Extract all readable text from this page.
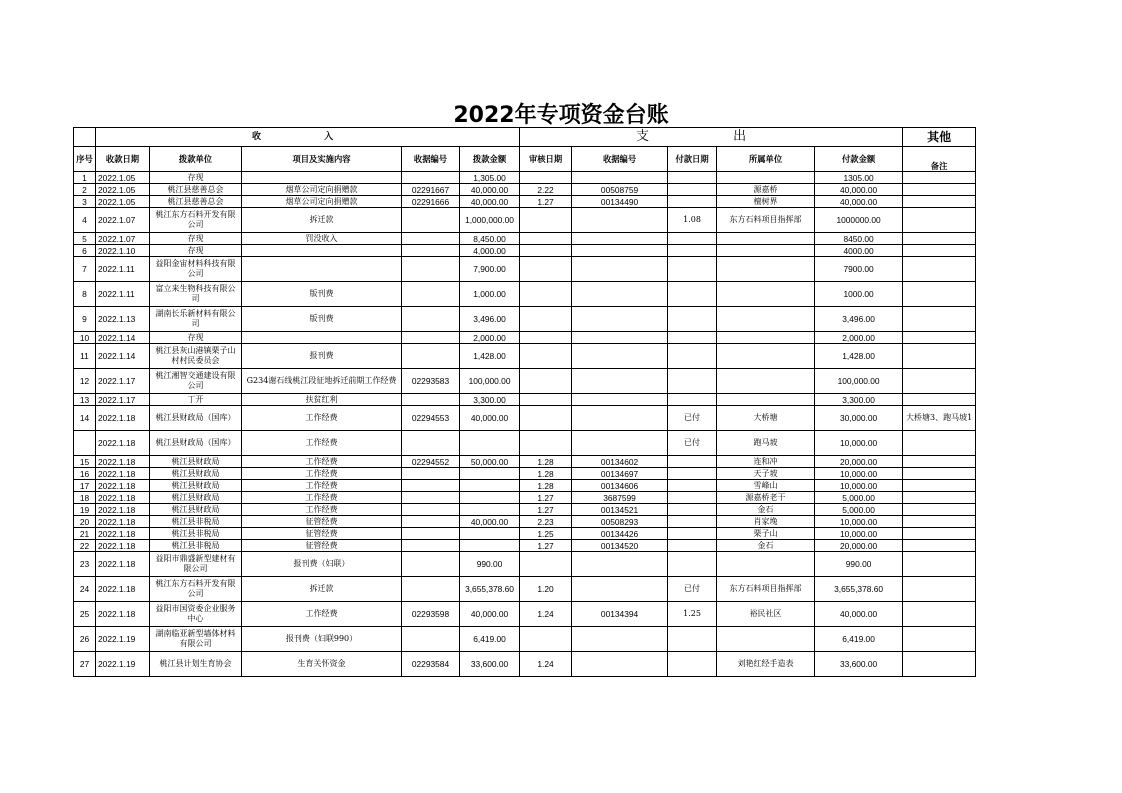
2022年专项资金台账
	收 入					支 出					其他
序号	收款日期	拨款单位	项目及实施内容	收据编号	拨款金额	审核日期	收据编号	付款日期	所属单位	付款金额	备注
1	2022.1.05	存现			1,305.00					1305.00	
2	2022.1.05	桃江县慈善总会	烟草公司定向捐赠款	02291667	40,000.00	2.22	00508759		源嘉桥	40,000.00	
3	2022.1.05	桃江县慈善总会	烟草公司定向捐赠款	02291666	40,000.00	1.27	00134490		檀树界	40,000.00	
4	2022.1.07	桃江东方石料开发有限公司	拆迁款		1,000,000.00			1.08	东方石料项目指挥部	1000000.00	
5	2022.1.07	存现	罚没收入		8,450.00					8450.00	
6	2022.1.10	存现			4,000.00					4000.00	
7	2022.1.11	益阳金宙材料科技有限公司			7,900.00					7900.00	
8	2022.1.11	富立来生物科技有限公司	版刊费		1,000.00					1000.00	
9	2022.1.13	湖南长乐新材料有限公司	版刊费		3,496.00					3,496.00	
10	2022.1.14	存现			2,000.00					2,000.00	
11	2022.1.14	桃江县灰山港镇栗子山村村民委员会	报刊费		1,428.00					1,428.00	
12	2022.1.17	桃江湘智交通建设有限公司	G234谢石线桃江段征地拆迁前期工作经费	02293583	100,000.00					100,000.00	
13	2022.1.17	丁开	扶贫红利		3,300.00					3,300.00	
14	2022.1.18	桃江县财政局（国库）	工作经费	02294553	40,000.00			已付	大桥塘	30,000.00	大桥塘3、跑马坡1
	2022.1.18	桃江县财政局（国库）	工作经费					已付	跑马坡	10,000.00	
15	2022.1.18	桃江县财政局	工作经费	02294552	50,000.00	1.28	00134602		连和冲	20,000.00	
16	2022.1.18	桃江县财政局	工作经费			1.28	00134697		天子坡	10,000.00	
17	2022.1.18	桃江县财政局	工作经费			1.28	00134606		雪峰山	10,000.00	
18	2022.1.18	桃江县财政局	工作经费			1.27	3687599		源嘉桥老干	5,000.00	
19	2022.1.18	桃江县财政局	工作经费			1.27	00134521		金石	5,000.00	
20	2022.1.18	桃江县非税局	征管经费		40,000.00	2.23	00508293		肖家堍	10,000.00	
21	2022.1.18	桃江县非税局	征管经费			1.25	00134426		栗子山	10,000.00	
22	2022.1.18	桃江县非税局	征管经费			1.27	00134520		金石	20,000.00	
23	2022.1.18	益阳市鼎盛新型建材有限公司	报刊费（妇联）		990.00					990.00	
24	2022.1.18	桃江东方石料开发有限公司	拆迁款		3,655,378.60	1.20		已付	东方石料项目指挥部	3,655,378.60	
25	2022.1.18	益阳市国资委企业服务中心	工作经费	02293598	40,000.00	1.24	00134394	1.25	裕民社区	40,000.00	
26	2022.1.19	湖南临亚新型墙体材料有限公司	报刊费（妇联990）		6,419.00					6,419.00	
27	2022.1.19	桃江县计划生育协会	生育关怀资金	02293584	33,600.00	1.24			刘艳红经手造表	33,600.00	
